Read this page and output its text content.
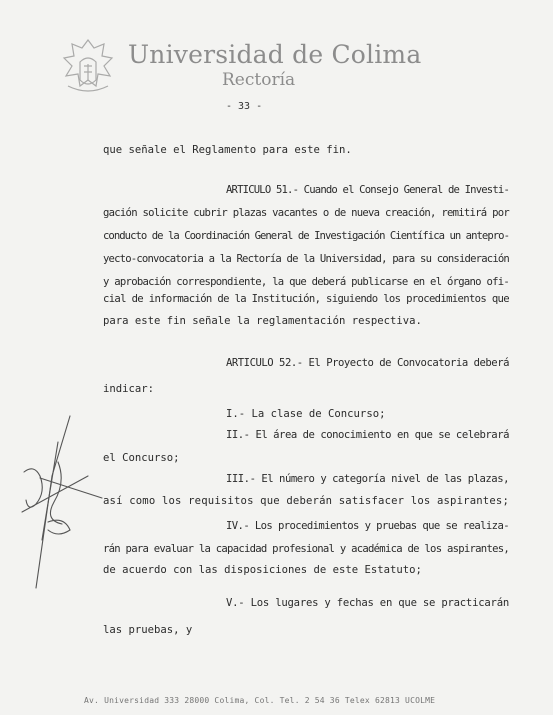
Universidad de Colima
Rectoría
- 33 -
que señale el Reglamento para este fin.
ARTICULO 51.- Cuando el Consejo General de Investi-
gación solicite cubrir plazas vacantes o de nueva creación, remitirá por
conducto de la Coordinación General de Investigación Científica un antepro-
yecto-convocatoria a la Rectoría de la Universidad, para su consideración
y aprobación correspondiente, la que deberá publicarse en el órgano ofi-
cial de información de la Institución, siguiendo los procedimientos que
para este fin señale la reglamentación respectiva.
ARTICULO 52.- El Proyecto de Convocatoria deberá
indicar:
I.- La clase de Concurso;
II.- El área de conocimiento en que se celebrará
el Concurso;
III.- El número y categoría nivel de las plazas,
así como los requisitos que deberán satisfacer los aspirantes;
IV.- Los procedimientos y pruebas que se realiza-
rán para evaluar la capacidad profesional y académica de los aspirantes,
de acuerdo con las disposiciones de este Estatuto;
V.- Los lugares y fechas en que se practicarán
las pruebas, y
Av. Universidad 333 28000 Colima, Col. Tel. 2 54 36 Telex 62813 UCOLME
